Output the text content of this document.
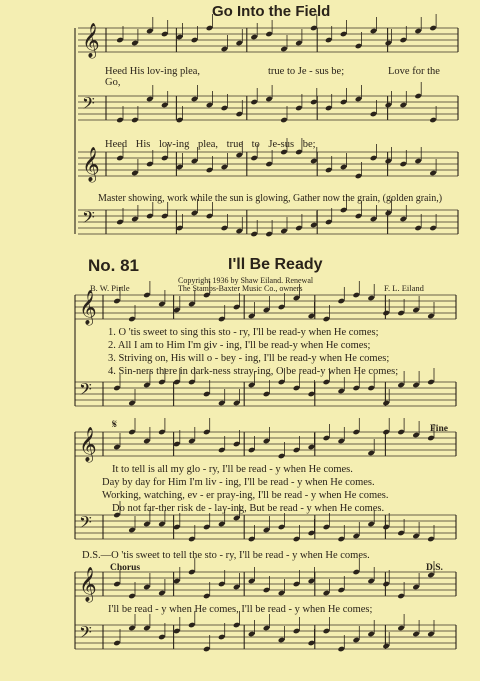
𝄞
𝄢
𝄞
𝄢
𝄞
𝄢
𝄞
𝄢
𝄞
𝄢
Go Into the Field
Heed His lov-ing plea,	true to Je - sus be;	Love for the
Go,
Heed His lov-ing plea, true to Je-sus be;
Master showing, work while the sun is glowing, Gather now the grain, (golden grain,)
No. 81	I'll Be Ready
Copyright 1936 by Shaw Eiland. Renewal
The Stamps-Baxter Music Co., owners
B. W. Pirtle	F. L. Eiland
1. O 'tis sweet to sing this sto - ry, I'll be read-y when He comes;
2. All I am to Him I'm giv - ing, I'll be read-y when He comes;
3. Striving on, His will o - bey - ing, I'll be read-y when He comes;
4. Sin-ners there in dark-ness stray-ing, O be read-y when He comes;
𝄋	Fine
It to tell is all my glo - ry, I'll be read - y when He comes.
Day by day for Him I'm liv - ing, I'll be read - y when He comes.
Working, watching, ev - er pray-ing, I'll be read - y when He comes.
Do not far-ther risk de - lay-ing, But be read - y when He comes.
D.S.—O 'tis sweet to tell the sto - ry, I'll be read - y when He comes.
Chorus	D.S.
I'll be read - y when He comes, I'll be read - y when He comes;
